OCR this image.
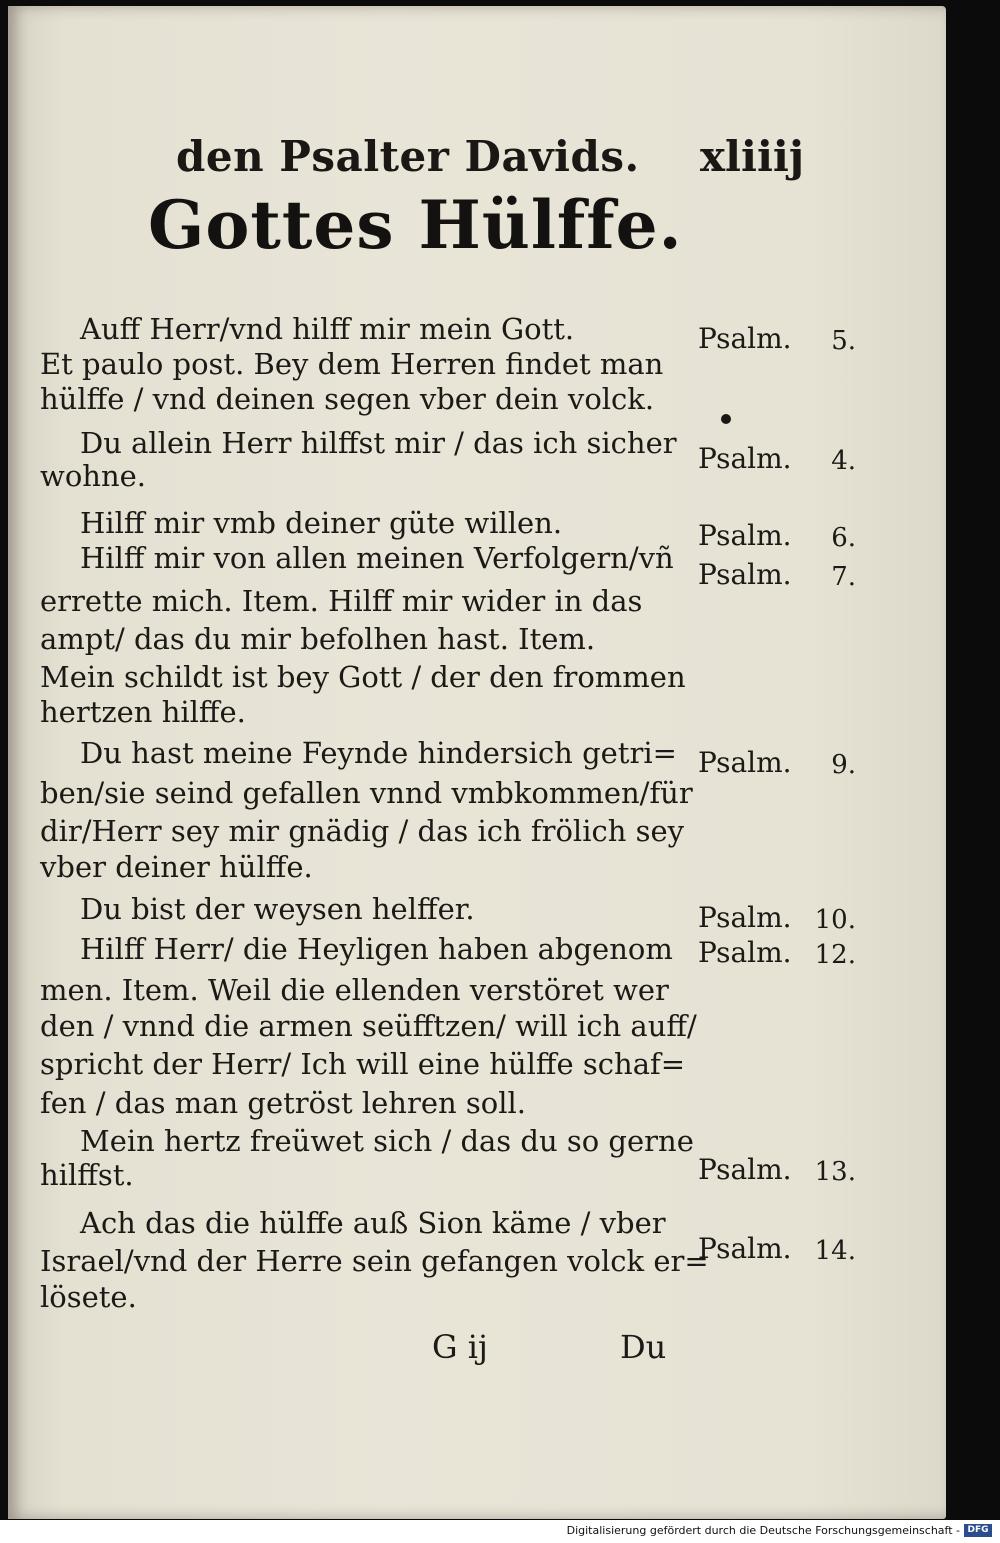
den Psalter Davids. xliiij
Gottes Hülffe.
Auff Herr/vnd hilff mir mein Gott.
Et paulo post. Bey dem Herren findet man
hülffe / vnd deinen segen vber dein volck.
Du allein Herr hilffst mir / das ich sicher
wohne.
Hilff mir vmb deiner güte willen.
Hilff mir von allen meinen Verfolgern/vñ
errette mich. Item. Hilff mir wider in das
ampt/ das du mir befolhen hast. Item.
Mein schildt ist bey Gott / der den frommen
hertzen hilffe.
Du hast meine Feynde hindersich getri=
ben/sie seind gefallen vnnd vmbkommen/für
dir/Herr sey mir gnädig / das ich frölich sey
vber deiner hülffe.
Du bist der weysen helffer.
Hilff Herr/ die Heyligen haben abgenom
men. Item. Weil die ellenden verstöret wer
den / vnnd die armen seüfftzen/ will ich auff/
spricht der Herr/ Ich will eine hülffe schaf=
fen / das man getröst lehren soll.
Mein hertz freüwet sich / das du so gerne
hilffst.
Ach das die hülffe auß Sion käme / vber
Israel/vnd der Herre sein gefangen volck er=
lösete.
Psalm.	5.
Psalm.	4.
Psalm.	6.
Psalm.	7.
Psalm.	9.
Psalm. 10.
Psalm. 12.
Psalm. 13.
Psalm. 14.
G ij	Du
Digitalisierung gefördert durch die Deutsche Forschungsgemeinschaft - DFG
